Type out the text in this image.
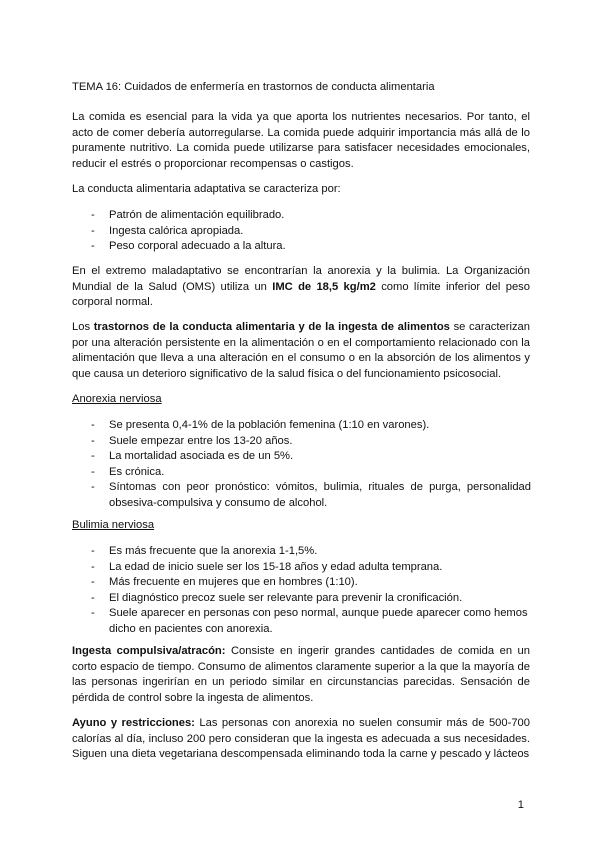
TEMA 16: Cuidados de enfermería en trastornos de conducta alimentaria

La comida es esencial para la vida ya que aporta los nutrientes necesarios. Por tanto, el acto de comer debería autorregularse. La comida puede adquirir importancia más allá de lo puramente nutritivo. La comida puede utilizarse para satisfacer necesidades emocionales, reducir el estrés o proporcionar recompensas o castigos.

La conducta alimentaria adaptativa se caracteriza por:

- Patrón de alimentación equilibrado.
- Ingesta calórica apropiada.
- Peso corporal adecuado a la altura.

En el extremo maladaptativo se encontrarían la anorexia y la bulimia. La Organización Mundial de la Salud (OMS) utiliza un IMC de 18,5 kg/m2 como límite inferior del peso corporal normal.

Los trastornos de la conducta alimentaria y de la ingesta de alimentos se caracterizan por una alteración persistente en la alimentación o en el comportamiento relacionado con la alimentación que lleva a una alteración en el consumo o en la absorción de los alimentos y que causa un deterioro significativo de la salud física o del funcionamiento psicosocial.

Anorexia nerviosa

- Se presenta 0,4-1% de la población femenina (1:10 en varones).
- Suele empezar entre los 13-20 años.
- La mortalidad asociada es de un 5%.
- Es crónica.
- Síntomas con peor pronóstico: vómitos, bulimia, rituales de purga, personalidad obsesiva-compulsiva y consumo de alcohol.

Bulimia nerviosa

- Es más frecuente que la anorexia 1-1,5%.
- La edad de inicio suele ser los 15-18 años y edad adulta temprana.
- Más frecuente en mujeres que en hombres (1:10).
- El diagnóstico precoz suele ser relevante para prevenir la cronificación.
- Suele aparecer en personas con peso normal, aunque puede aparecer como hemos dicho en pacientes con anorexia.

Ingesta compulsiva/atracón: Consiste en ingerir grandes cantidades de comida en un corto espacio de tiempo. Consumo de alimentos claramente superior a la que la mayoría de las personas ingerirían en un periodo similar en circunstancias parecidas. Sensación de pérdida de control sobre la ingesta de alimentos.

Ayuno y restricciones: Las personas con anorexia no suelen consumir más de 500-700 calorías al día, incluso 200 pero consideran que la ingesta es adecuada a sus necesidades. Siguen una dieta vegetariana descompensada eliminando toda la carne y pescado y lácteos

1
